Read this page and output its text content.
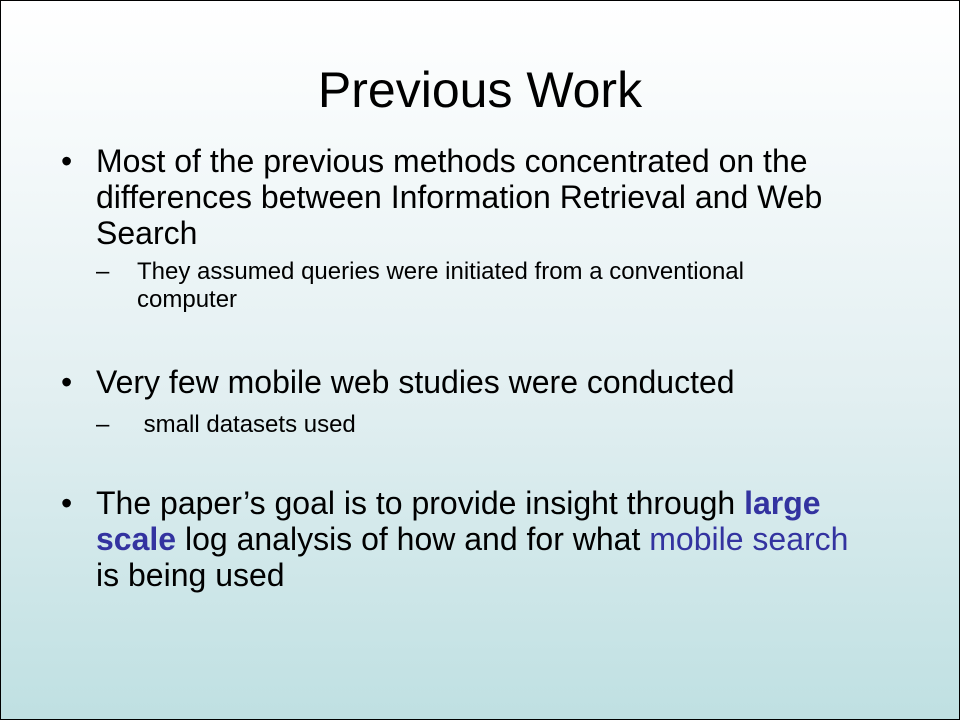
Previous Work
• Most of the previous methods concentrated on the differences between Information Retrieval and Web Search
– They assumed queries were initiated from a conventional computer
• Very few mobile web studies were conducted
– small datasets used
• The paper’s goal is to provide insight through large scale log analysis of how and for what mobile search is being used
